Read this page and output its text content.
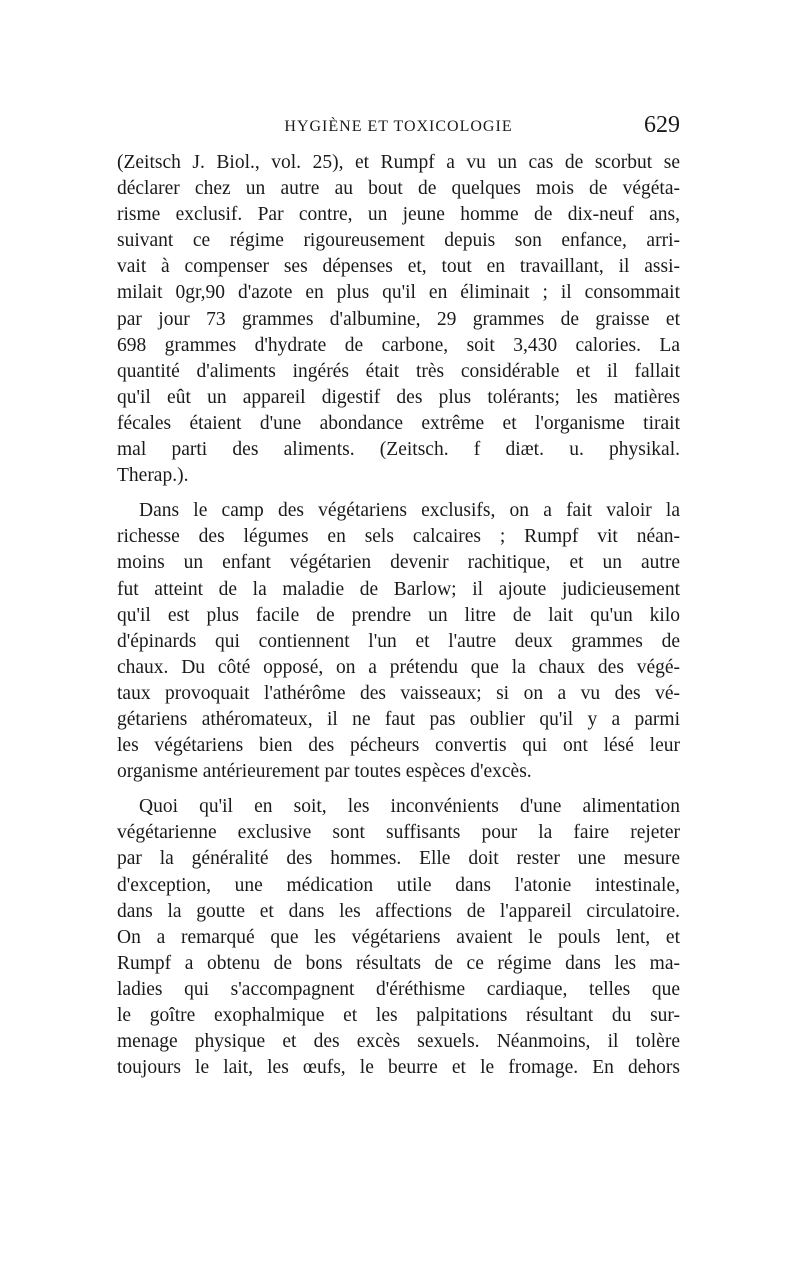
HYGIÈNE ET TOXICOLOGIE	629
(Zeitsch J. Biol., vol. 25), et Rumpf a vu un cas de scorbut se
déclarer chez un autre au bout de quelques mois de végéta-
risme exclusif. Par contre, un jeune homme de dix-neuf ans,
suivant ce régime rigoureusement depuis son enfance, arri-
vait à compenser ses dépenses et, tout en travaillant, il assi-
milait 0gr,90 d'azote en plus qu'il en éliminait ; il consommait
par jour 73 grammes d'albumine, 29 grammes de graisse et
698 grammes d'hydrate de carbone, soit 3,430 calories. La
quantité d'aliments ingérés était très considérable et il fallait
qu'il eût un appareil digestif des plus tolérants; les matières
fécales étaient d'une abondance extrême et l'organisme tirait
mal parti des aliments. (Zeitsch. f diæt. u. physikal.
Therap.).
Dans le camp des végétariens exclusifs, on a fait valoir la
richesse des légumes en sels calcaires ; Rumpf vit néan-
moins un enfant végétarien devenir rachitique, et un autre
fut atteint de la maladie de Barlow; il ajoute judicieusement
qu'il est plus facile de prendre un litre de lait qu'un kilo
d'épinards qui contiennent l'un et l'autre deux grammes de
chaux. Du côté opposé, on a prétendu que la chaux des végé-
taux provoquait l'athérôme des vaisseaux; si on a vu des vé-
gétariens athéromateux, il ne faut pas oublier qu'il y a parmi
les végétariens bien des pécheurs convertis qui ont lésé leur
organisme antérieurement par toutes espèces d'excès.
Quoi qu'il en soit, les inconvénients d'une alimentation
végétarienne exclusive sont suffisants pour la faire rejeter
par la généralité des hommes. Elle doit rester une mesure
d'exception, une médication utile dans l'atonie intestinale,
dans la goutte et dans les affections de l'appareil circulatoire.
On a remarqué que les végétariens avaient le pouls lent, et
Rumpf a obtenu de bons résultats de ce régime dans les ma-
ladies qui s'accompagnent d'éréthisme cardiaque, telles que
le goître exophalmique et les palpitations résultant du sur-
menage physique et des excès sexuels. Néanmoins, il tolère
toujours le lait, les œufs, le beurre et le fromage. En dehors
